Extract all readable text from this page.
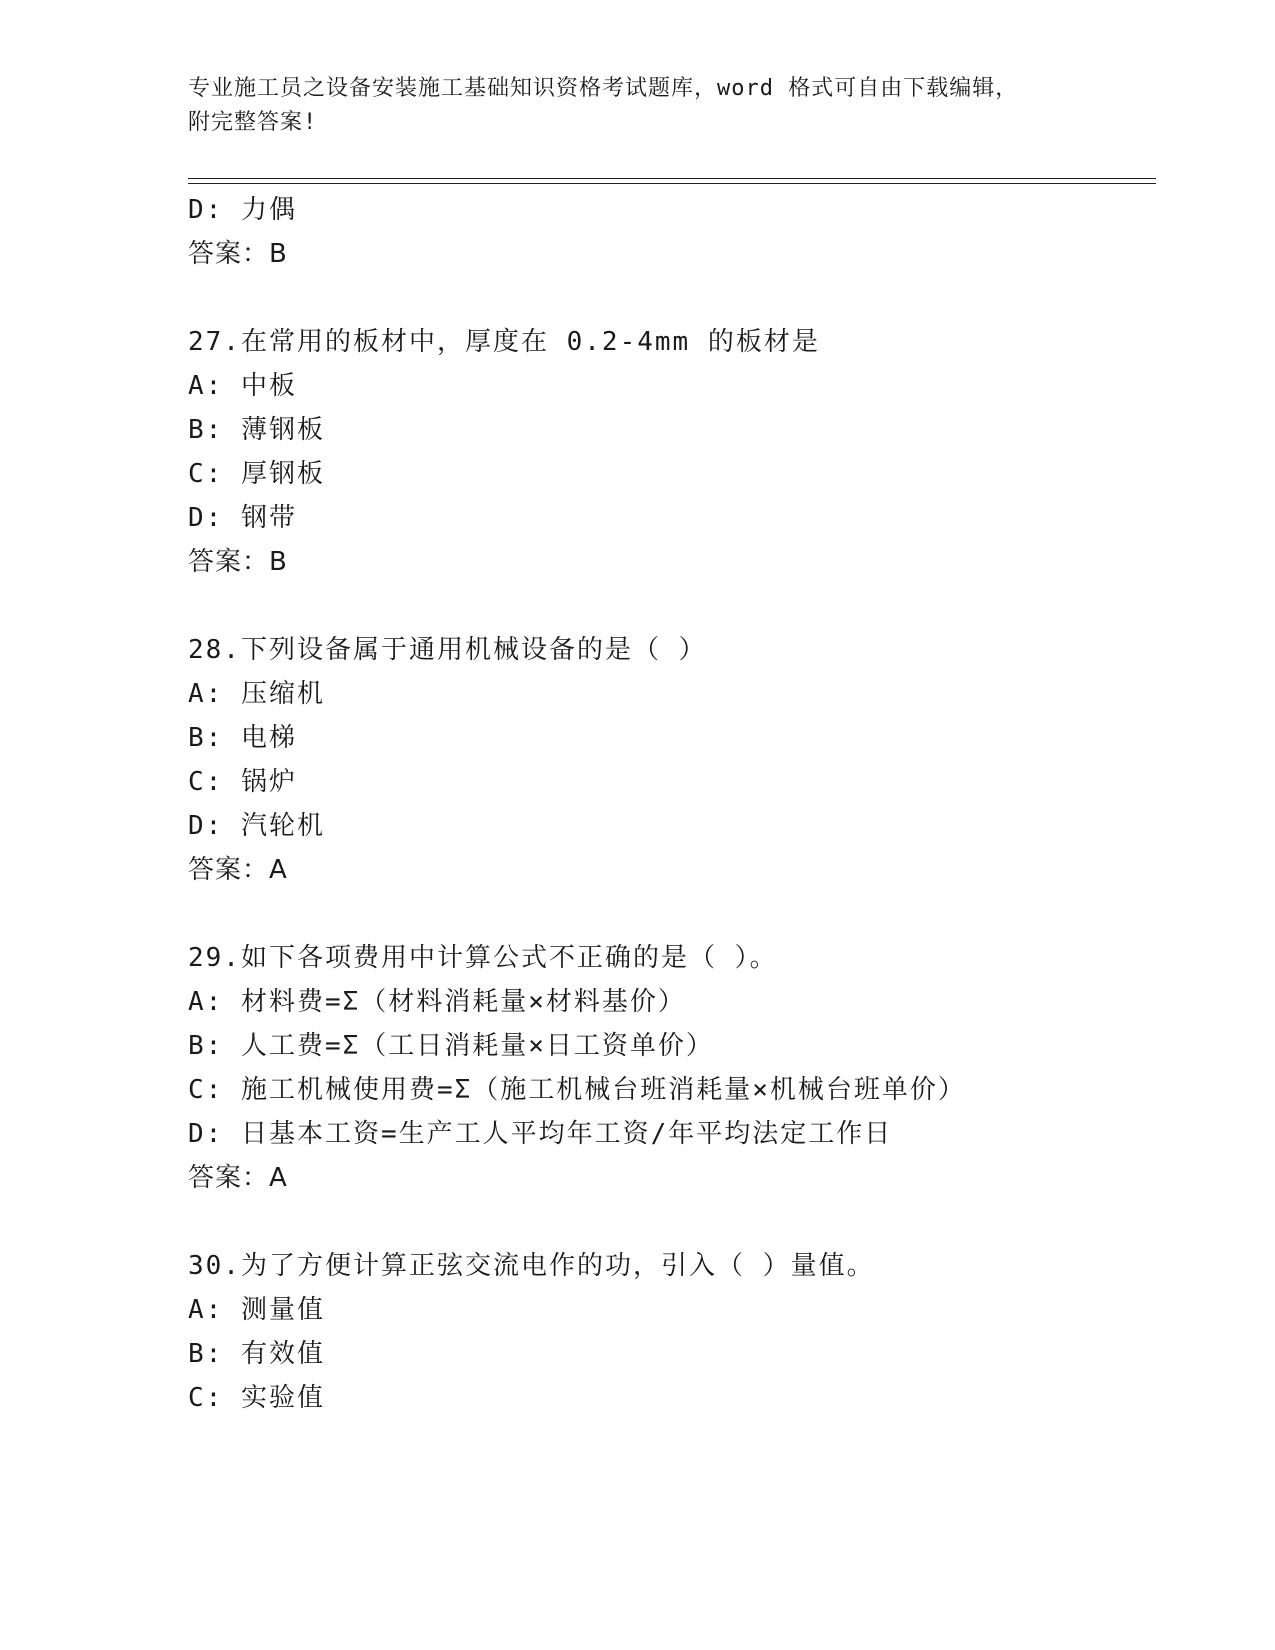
专业施工员之设备安装施工基础知识资格考试题库，word 格式可自由下载编辑，
附完整答案!
D: 力偶
答案：B
27.在常用的板材中，厚度在 0.2-4mm 的板材是
A: 中板
B: 薄钢板
C: 厚钢板
D: 钢带
答案：B
28.下列设备属于通用机械设备的是（ ）
A: 压缩机
B: 电梯
C: 锅炉
D: 汽轮机
答案：A
29.如下各项费用中计算公式不正确的是（ ）。
A: 材料费=Σ（材料消耗量×材料基价）
B: 人工费=Σ（工日消耗量×日工资单价）
C: 施工机械使用费=Σ（施工机械台班消耗量×机械台班单价）
D: 日基本工资=生产工人平均年工资/年平均法定工作日
答案：A
30.为了方便计算正弦交流电作的功，引入（ ）量值。
A: 测量值
B: 有效值
C: 实验值
